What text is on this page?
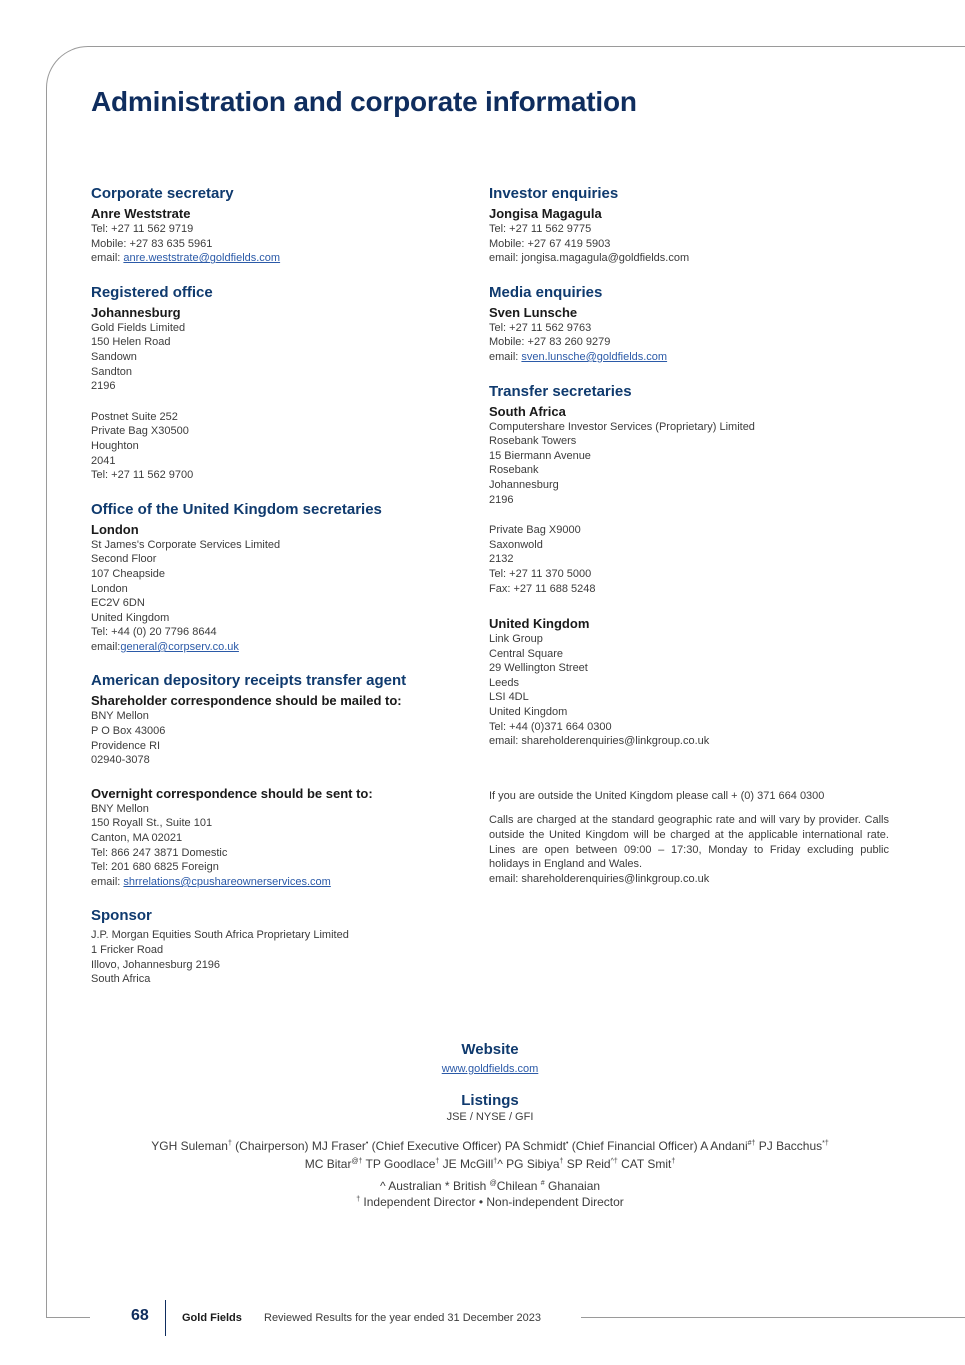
Administration and corporate information
Corporate secretary
Anre Weststrate
Tel: +27 11 562 9719
Mobile: +27 83 635 5961
email: anre.weststrate@goldfields.com
Registered office
Johannesburg
Gold Fields Limited
150 Helen Road
Sandown
Sandton
2196
Postnet Suite 252
Private Bag X30500
Houghton
2041
Tel: +27 11 562 9700
Office of the United Kingdom secretaries
London
St James's Corporate Services Limited
Second Floor
107 Cheapside
London
EC2V 6DN
United Kingdom
Tel: +44 (0) 20 7796 8644
email:general@corpserv.co.uk
American depository receipts transfer agent
Shareholder correspondence should be mailed to:
BNY Mellon
P O Box 43006
Providence RI
02940-3078
Overnight correspondence should be sent to:
BNY Mellon
150 Royall St., Suite 101
Canton, MA 02021
Tel: 866 247 3871 Domestic
Tel: 201 680 6825 Foreign
email: shrrelations@cpushareownerservices.com
Sponsor
J.P. Morgan Equities South Africa Proprietary Limited
1 Fricker Road
Illovo, Johannesburg 2196
South Africa
Investor enquiries
Jongisa Magagula
Tel: +27 11 562 9775
Mobile: +27 67 419 5903
email: jongisa.magagula@goldfields.com
Media enquiries
Sven Lunsche
Tel: +27 11 562 9763
Mobile: +27 83 260 9279
email: sven.lunsche@goldfields.com
Transfer secretaries
South Africa
Computershare Investor Services (Proprietary) Limited
Rosebank Towers
15 Biermann Avenue
Rosebank
Johannesburg
2196
Private Bag X9000
Saxonwold
2132
Tel: +27 11 370 5000
Fax: +27 11 688 5248
United Kingdom
Link Group
Central Square
29 Wellington Street
Leeds
LSI 4DL
United Kingdom
Tel: +44 (0)371 664 0300
email: shareholderenquiries@linkgroup.co.uk
If you are outside the United Kingdom please call + (0) 371 664 0300
Calls are charged at the standard geographic rate and will vary by provider. Calls outside the United Kingdom will be charged at the applicable international rate. Lines are open between 09:00 – 17:30, Monday to Friday excluding public holidays in England and Wales.
email: shareholderenquiries@linkgroup.co.uk
Website
www.goldfields.com
Listings
JSE / NYSE / GFI
YGH Suleman† (Chairperson) MJ Fraser• (Chief Executive Officer) PA Schmidt• (Chief Financial Officer) A Andani#† PJ Bacchus*†
MC Bitar@† TP Goodlace† JE McGill†^ PG Sibiya† SP Reid^† CAT Smit†
^ Australian * British @Chilean # Ghanaian
† Independent Director • Non-independent Director
68	Gold Fields Reviewed Results for the year ended 31 December 2023
